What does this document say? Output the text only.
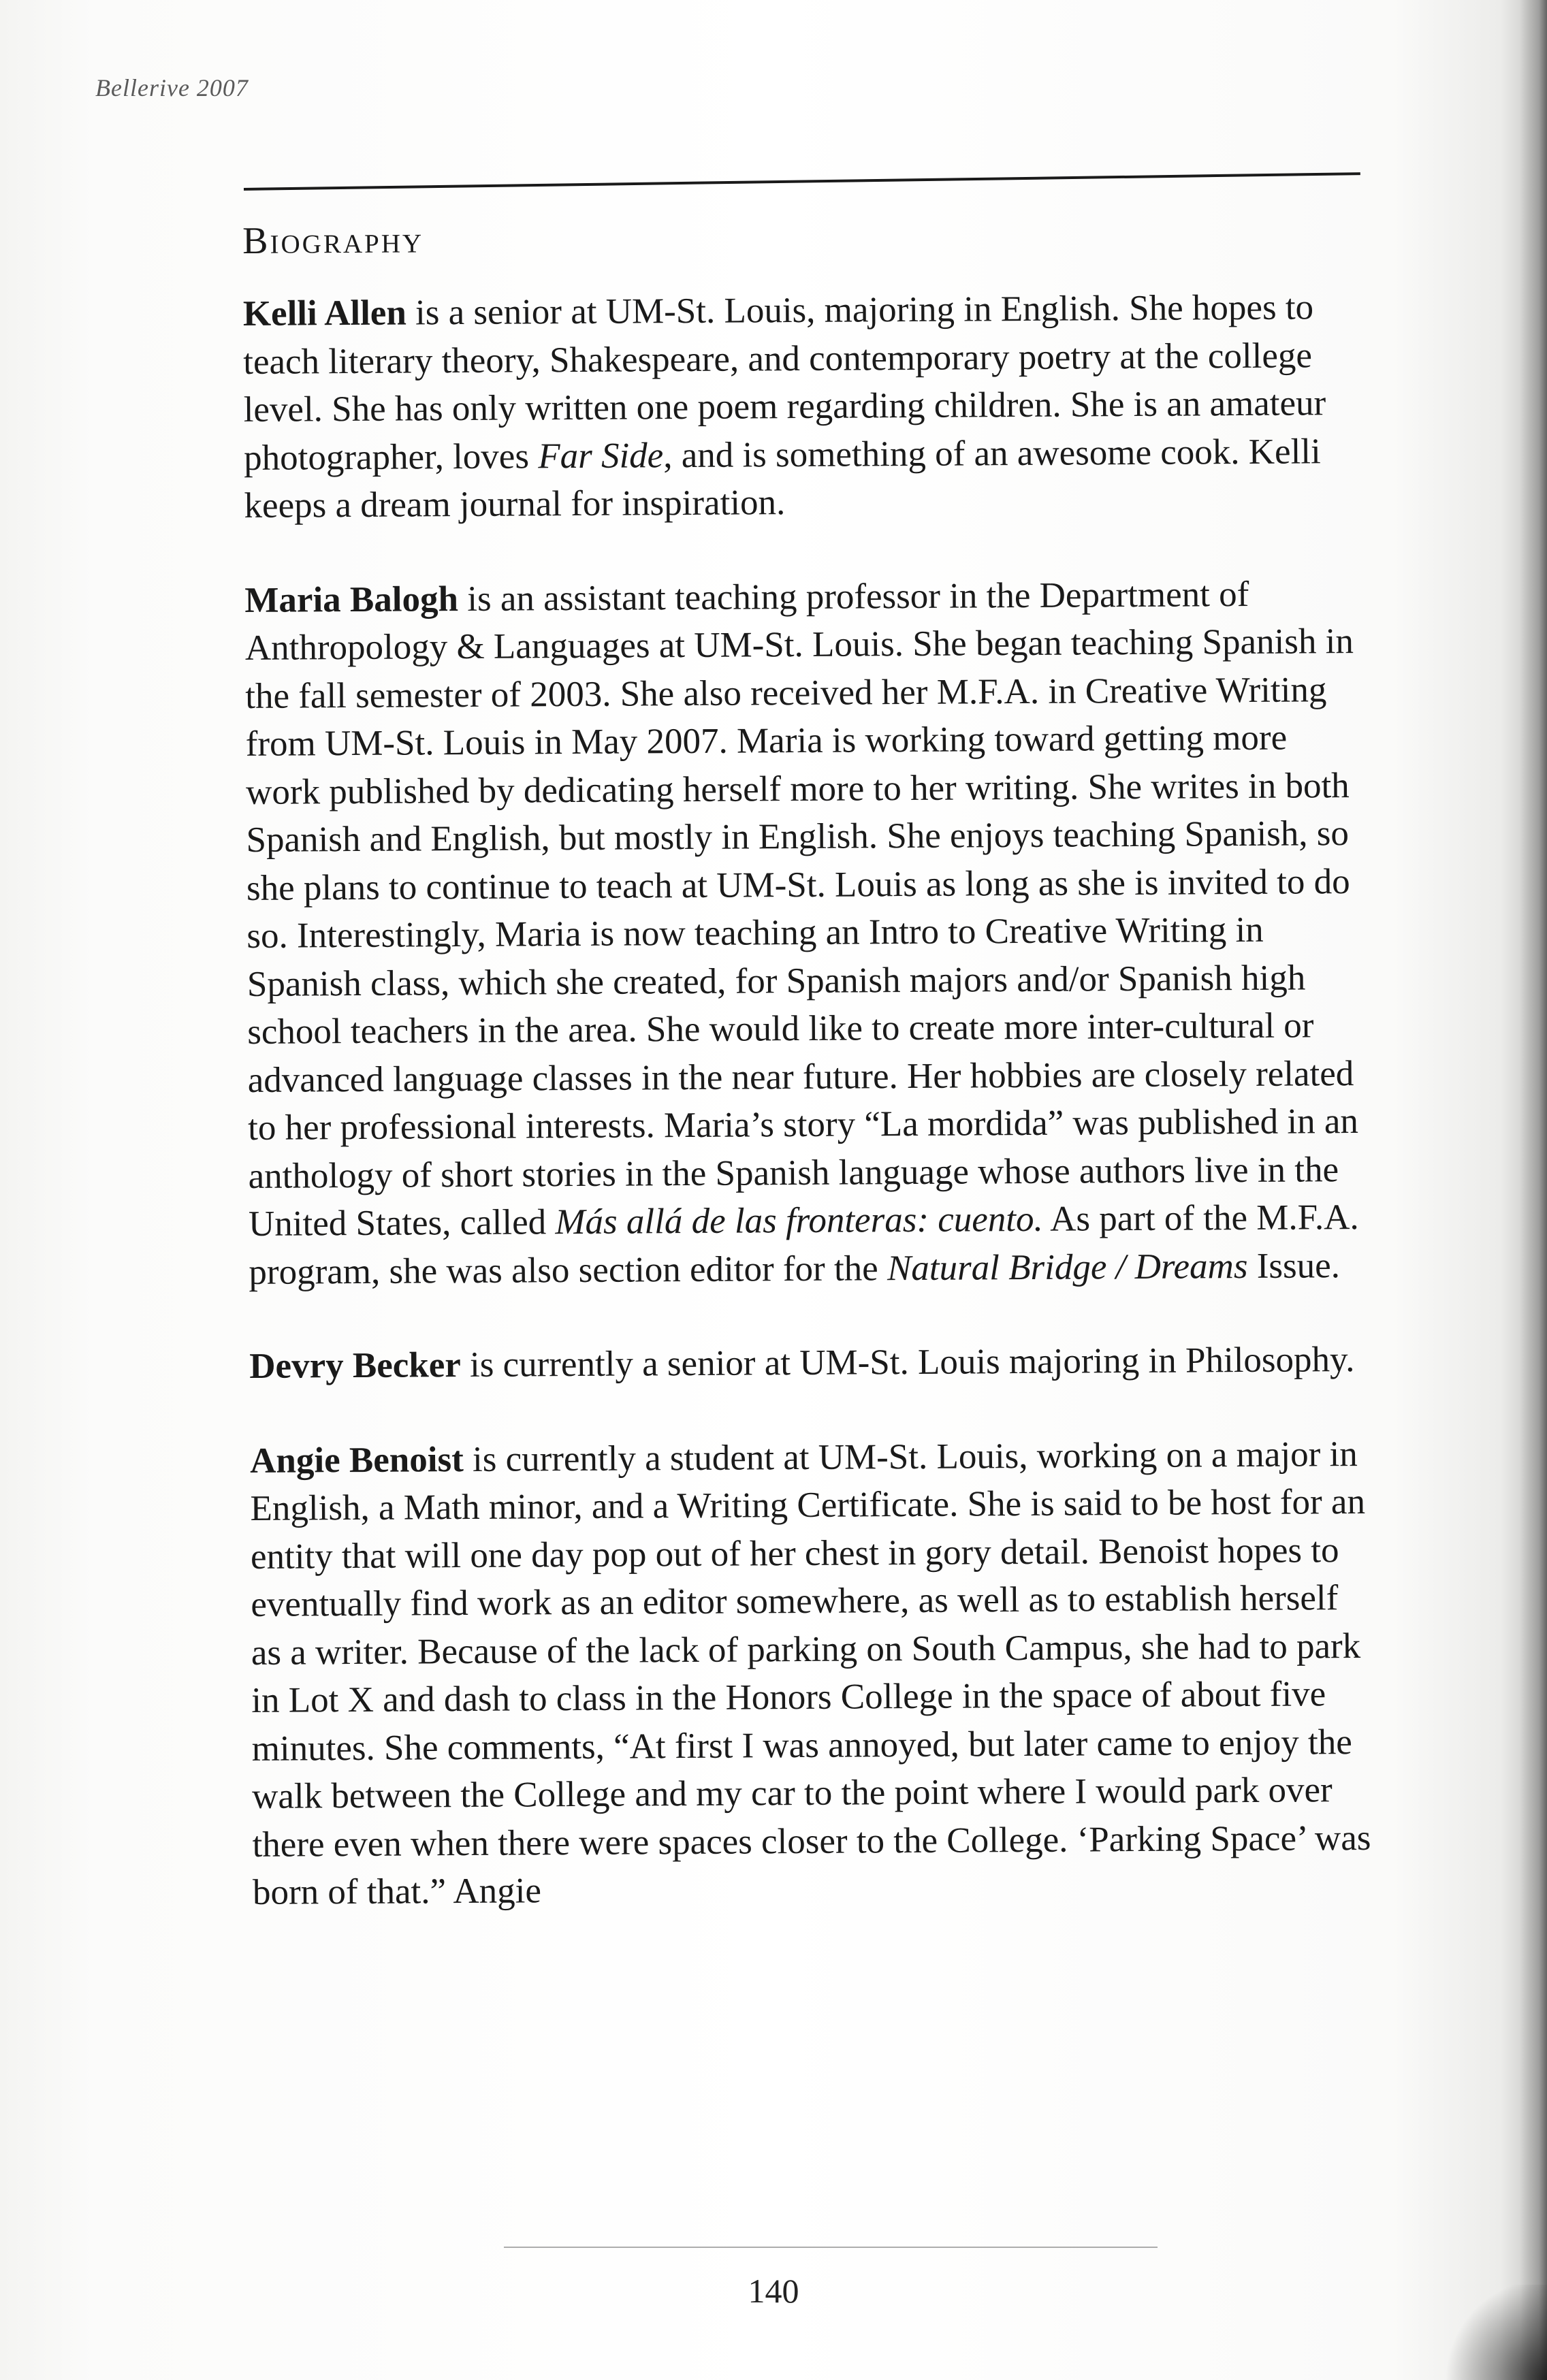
Bellerive 2007
Biography

Kelli Allen is a senior at UM-St. Louis, majoring in English. She hopes to teach literary theory, Shakespeare, and contemporary poetry at the college level. She has only written one poem regarding children. She is an amateur photographer, loves Far Side, and is something of an awesome cook. Kelli keeps a dream journal for inspiration.

Maria Balogh is an assistant teaching professor in the Department of Anthropology & Languages at UM-St. Louis. She began teaching Spanish in the fall semester of 2003. She also received her M.F.A. in Creative Writing from UM-St. Louis in May 2007. Maria is working toward getting more work published by dedicating herself more to her writing. She writes in both Spanish and English, but mostly in English. She enjoys teaching Spanish, so she plans to continue to teach at UM-St. Louis as long as she is invited to do so. Interestingly, Maria is now teaching an Intro to Creative Writing in Spanish class, which she created, for Spanish majors and/or Spanish high school teachers in the area. She would like to create more inter-cultural or advanced language classes in the near future. Her hobbies are closely related to her professional interests. Maria’s story “La mordida” was published in an anthology of short stories in the Spanish language whose authors live in the United States, called Más allá de las fronteras: cuento. As part of the M.F.A. program, she was also section editor for the Natural Bridge / Dreams Issue.

Devry Becker is currently a senior at UM-St. Louis majoring in Philosophy.

Angie Benoist is currently a student at UM-St. Louis, working on a major in English, a Math minor, and a Writing Certificate. She is said to be host for an entity that will one day pop out of her chest in gory detail. Benoist hopes to eventually find work as an editor somewhere, as well as to establish herself as a writer. Because of the lack of parking on South Campus, she had to park in Lot X and dash to class in the Honors College in the space of about five minutes. She comments, “At first I was annoyed, but later came to enjoy the walk between the College and my car to the point where I would park over there even when there were spaces closer to the College. ‘Parking Space’ was born of that.” Angie

140
